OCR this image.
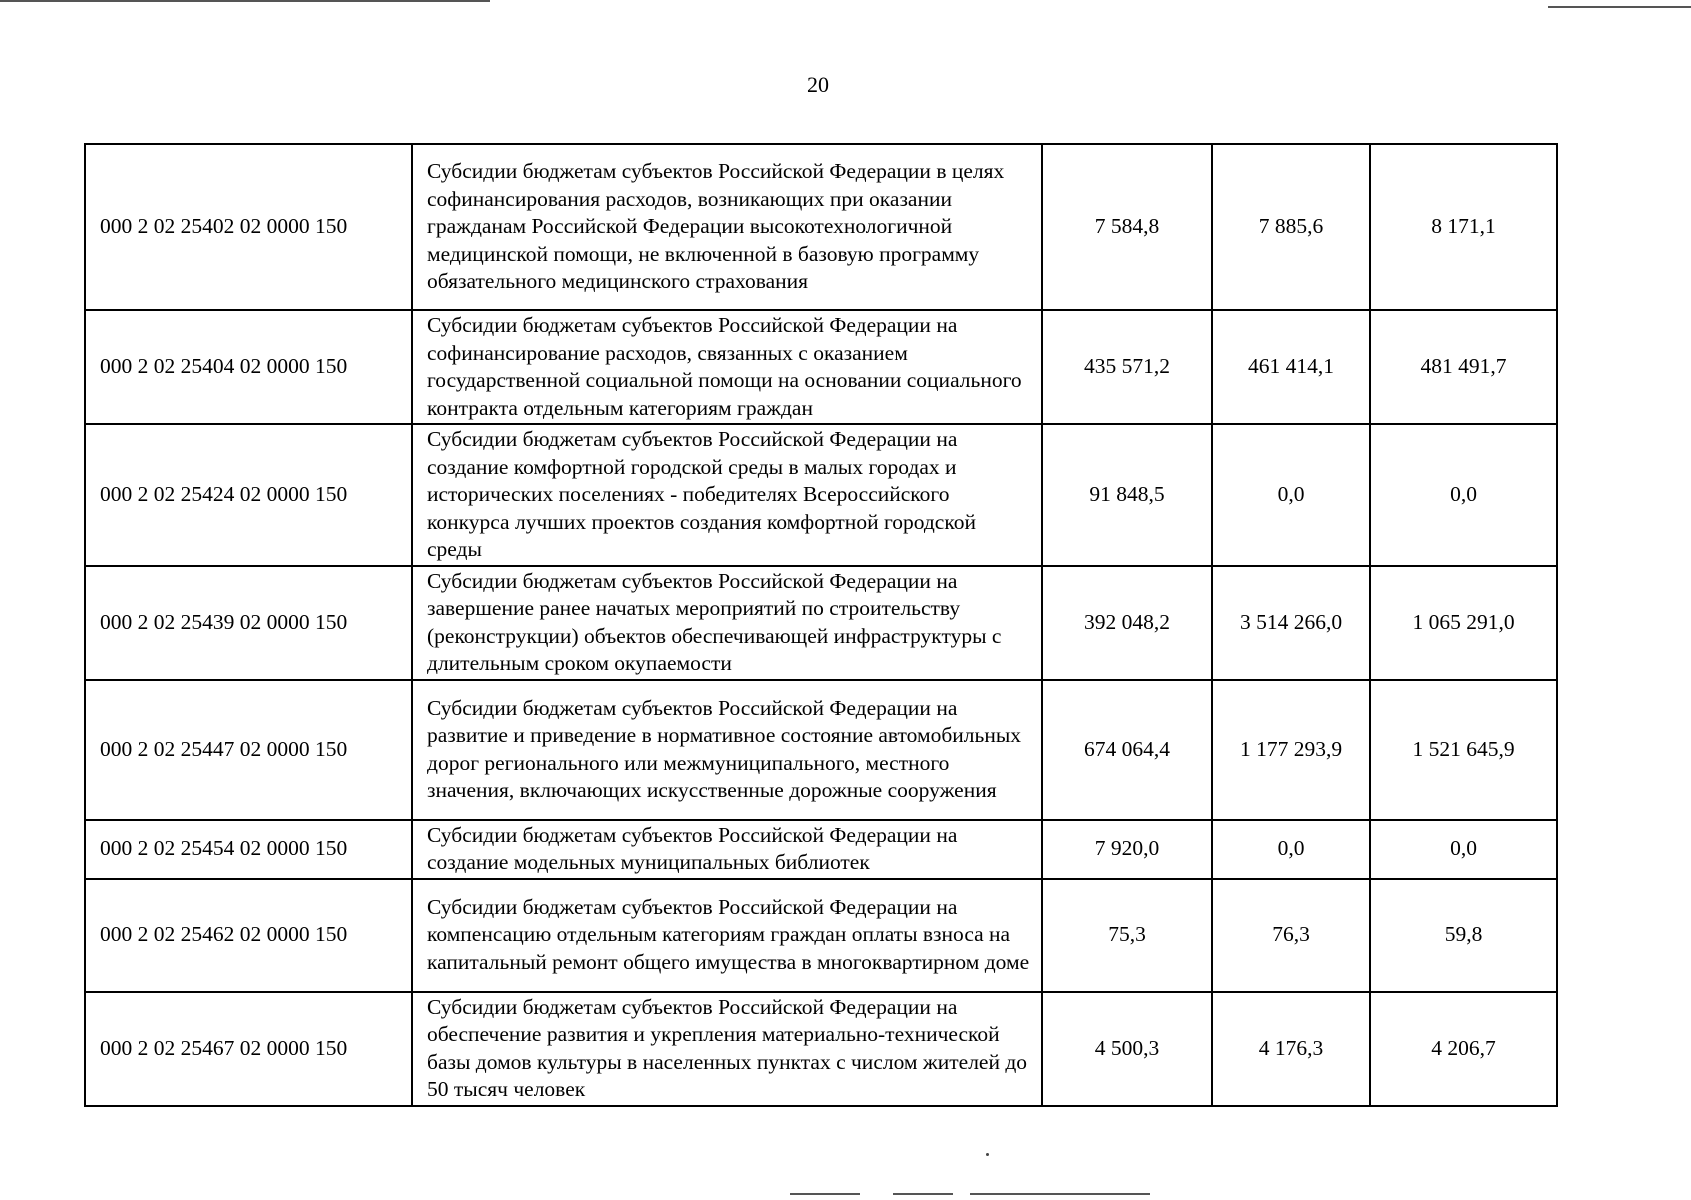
20
000 2 02 25402 02 0000 150	Субсидии бюджетам субъектов Российской Федерации в целях софинансирования расходов, возникающих при оказании гражданам Российской Федерации высокотехнологичной медицинской помощи, не включенной в базовую программу обязательного медицинского страхования	7 584,8	7 885,6	8 171,1
000 2 02 25404 02 0000 150	Субсидии бюджетам субъектов Российской Федерации на софинансирование расходов, связанных с оказанием государственной социальной помощи на основании социального контракта отдельным категориям граждан	435 571,2	461 414,1	481 491,7
000 2 02 25424 02 0000 150	Субсидии бюджетам субъектов Российской Федерации на создание комфортной городской среды в малых городах и исторических поселениях - победителях Всероссийского конкурса лучших проектов создания комфортной городской среды	91 848,5	0,0	0,0
000 2 02 25439 02 0000 150	Субсидии бюджетам субъектов Российской Федерации на завершение ранее начатых мероприятий по строительству (реконструкции) объектов обеспечивающей инфраструктуры с длительным сроком окупаемости	392 048,2	3 514 266,0	1 065 291,0
000 2 02 25447 02 0000 150	Субсидии бюджетам субъектов Российской Федерации на развитие и приведение в нормативное состояние автомобильных дорог регионального или межмуниципального, местного значения, включающих искусственные дорожные сооружения	674 064,4	1 177 293,9	1 521 645,9
000 2 02 25454 02 0000 150	Субсидии бюджетам субъектов Российской Федерации на создание модельных муниципальных библиотек	7 920,0	0,0	0,0
000 2 02 25462 02 0000 150	Субсидии бюджетам субъектов Российской Федерации на компенсацию отдельным категориям граждан оплаты взноса на капитальный ремонт общего имущества в многоквартирном доме	75,3	76,3	59,8
000 2 02 25467 02 0000 150	Субсидии бюджетам субъектов Российской Федерации на обеспечение развития и укрепления материально-технической базы домов культуры в населенных пунктах с числом жителей до 50 тысяч человек	4 500,3	4 176,3	4 206,7
